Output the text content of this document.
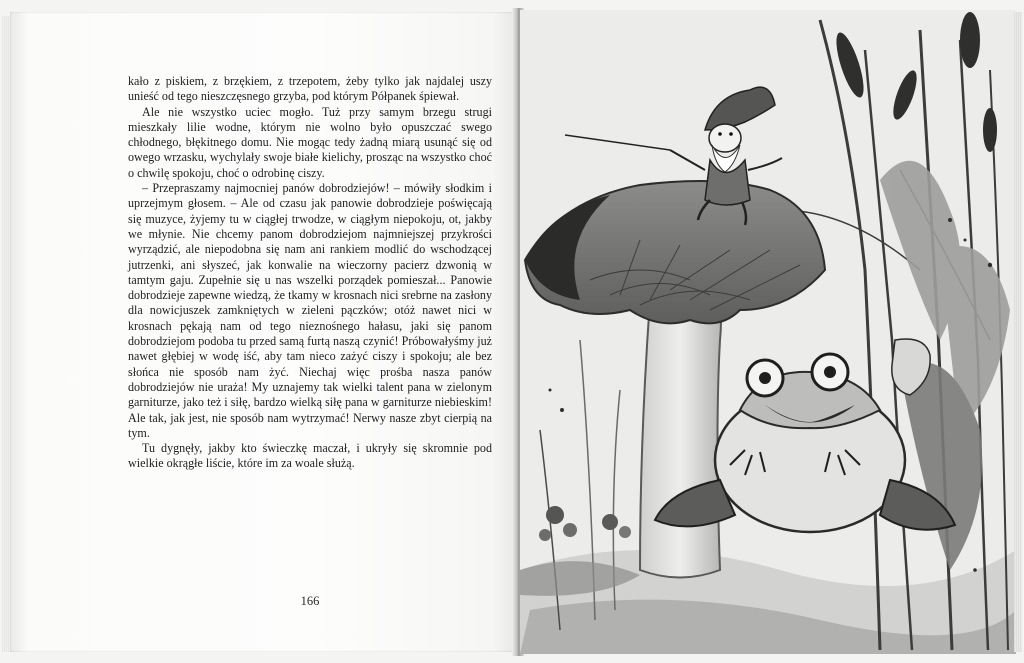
kało z piskiem, z brzękiem, z trzepotem, żeby tylko jak najdalej uszy unieść od tego nieszczęsnego grzyba, pod którym Półpanek śpiewał.

Ale nie wszystko uciec mogło. Tuż przy samym brzegu strugi mieszkały lilie wodne, którym nie wolno było opuszczać swego chłodnego, błękitnego domu. Nie mogąc tedy żadną miarą usunąć się od owego wrzasku, wychylały swoje białe kielichy, prosząc na wszystko choć o chwilę spokoju, choć o odrobinę ciszy.

– Przepraszamy najmocniej panów dobrodziejów! – mówiły słodkim i uprzejmym głosem. – Ale od czasu jak panowie dobrodzieje poświęcają się muzyce, żyjemy tu w ciągłej trwodze, w ciągłym niepokoju, ot, jakby we młynie. Nie chcemy panom dobrodziejom najmniejszej przykrości wyrządzić, ale niepodobna się nam ani rankiem modlić do wschodzącej jutrzenki, ani słyszeć, jak konwalie na wieczorny pacierz dzwonią w tamtym gaju. Zupełnie się u nas wszelki porządek pomieszał... Panowie dobrodzieje zapewne wiedzą, że tkamy w krosnach nici srebrne na zasłony dla nowicjuszek zamkniętych w zieleni pączków; otóż nawet nici w krosnach pękają nam od tego nieznośnego hałasu, jaki się panom dobrodziejom podoba tu przed samą furtą naszą czynić! Próbowałyśmy już nawet głębiej w wodę iść, aby tam nieco zażyć ciszy i spokoju; ale bez słońca nie sposób nam żyć. Niechaj więc prośba nasza panów dobrodziejów nie uraża! My uznajemy tak wielki talent pana w zielonym garniturze, jako też i siłę, bardzo wielką siłę pana w garniturze niebieskim! Ale tak, jak jest, nie sposób nam wytrzymać! Nerwy nasze zbyt cierpią na tym.

Tu dygnęły, jakby kto świeczkę maczał, i ukryły się skromnie pod wielkie okrągłe liście, które im za woale służą.

166
